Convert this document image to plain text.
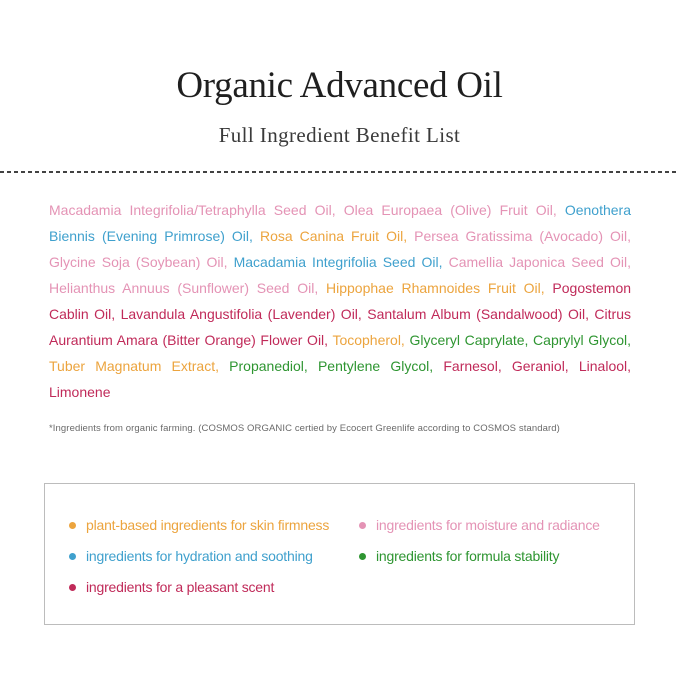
Organic Advanced Oil
Full Ingredient Benefit List

Macadamia Integrifolia/Tetraphylla Seed Oil, Olea Europaea (Olive) Fruit Oil, Oenothera Biennis (Evening Primrose) Oil, Rosa Canina Fruit Oil, Persea Gratissima (Avocado) Oil, Glycine Soja (Soybean) Oil, Macadamia Integrifolia Seed Oil, Camellia Japonica Seed Oil, Helianthus Annuus (Sunflower) Seed Oil, Hippophae Rhamnoides Fruit Oil, Pogostemon Cablin Oil, Lavandula Angustifolia (Lavender) Oil, Santalum Album (Sandalwood) Oil, Citrus Aurantium Amara (Bitter Orange) Flower Oil, Tocopherol, Glyceryl Caprylate, Caprylyl Glycol, Tuber Magnatum Extract, Propanediol, Pentylene Glycol, Farnesol, Geraniol, Linalool, Limonene

*Ingredients from organic farming. (COSMOS ORGANIC certied by Ecocert Greenlife according to COSMOS standard)
plant-based ingredients for skin firmness	ingredients for moisture and radiance
ingredients for hydration and soothing	ingredients for formula stability
ingredients for a pleasant scent
